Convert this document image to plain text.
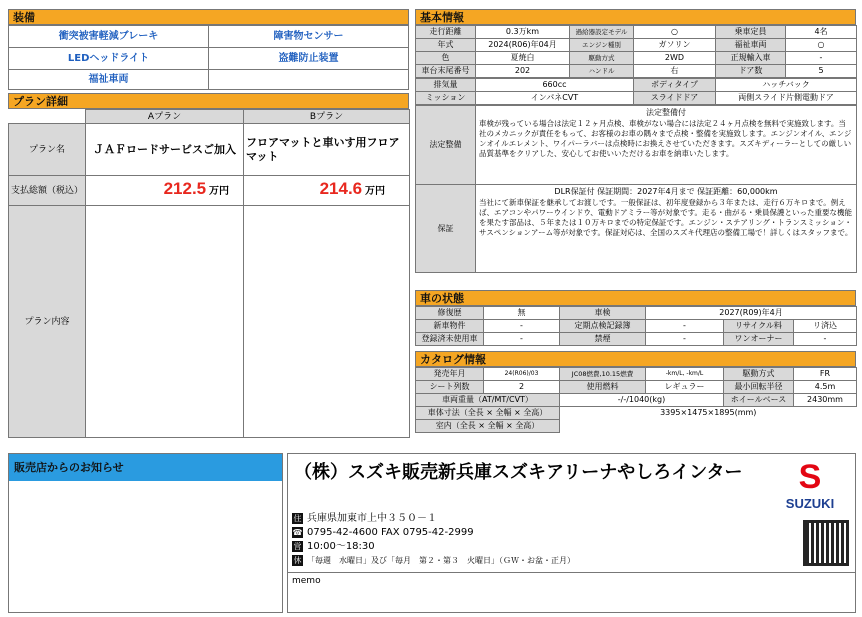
装備
衝突被害軽減ブレーキ	障害物センサー
LEDヘッドライト	盗難防止装置
福祉車両	
プラン詳細
	Aプラン	Bプラン
プラン名	ＪＡＦロードサービスご加入	フロアマットと車いす用フロアマット
支払総額（税込）	212.5 万円	214.6 万円
プラン内容		
基本情報
走行距離	0.3万km	過給器設定モデル	○	乗車定員	4名
年式	2024(R06)年04月	エンジン種別	ガソリン	福祉車両	○
色	夏焼白	駆動方式	2WD	正規輸入車	-
車台末尾番号	202	ハンドル	右	ドア数	5
排気量	660cc	ボディタイプ	ハッチバック
ミッション	インパネCVT	スライドドア	両側スライド片側電動ドア
法定整備	法定整備付
車検が残っている場合は法定１２ヶ月点検、車検がない場合には法定２４ヶ月点検を無料で実施致します。当社のメカニックが責任をもって、お客様のお車の隅々まで点検・整備を実施致します。エンジンオイル、エンジンオイルエレメント、ワイパーラバーは点検時にお換えさせていただきます。スズキディーラーとしての厳しい品質基準をクリアした、安心してお使いいただけるお車を納車いたします。

保証	DLR保証付 保証期間：2027年4月まで 保証距離：60,000km
当社にて新車保証を継承してお渡しです。一般保証は、初年度登録から３年または、走行６万キロまで。例えば、エアコンやパワーウインドウ、電動ドアミラー等が対象です。走る・曲がる・乗員保護といった重要な機能を果たす部品は、５年または１０万キロまでの特定保証です。エンジン・ステアリング・トランスミッション・サスペンションアーム等が対象です。保証対応は、全国のスズキ代理店の整備工場で！詳しくはスタッフまで。
車の状態
修復歴	無	車検	2027(R09)年4月		
新車物件	-	定期点検記録簿	-	リサイクル料	リ済込
登録済未使用車	-	禁煙	-	ワンオーナー	-
カタログ情報
発売年月	24(R06)/03	JC08燃費,10.15燃費	-km/L, -km/L	駆動方式	FR
シート列数	2	使用燃料	レギュラー	最小回転半径	4.5m
車両重量（AT/MT/CVT）		-/-/1040(kg)		ホイールベース	2430mm
車体寸法（全長 × 全幅 × 全高）		3395×1475×1895(mm)			
室内（全長 × 全幅 × 全高）					
販売店からのお知らせ	（株）スズキ販売新兵庫スズキアリーナやしろインター	S
SUZUKI
住 兵庫県加東市上中３５０－１
☎ 0795-42-4600 FAX 0795-42-2999
営 10:00～18:30
休 「毎週　水曜日」及び「毎月　第２・第３　火曜日」（ＧＷ・お盆・正月）
memo
